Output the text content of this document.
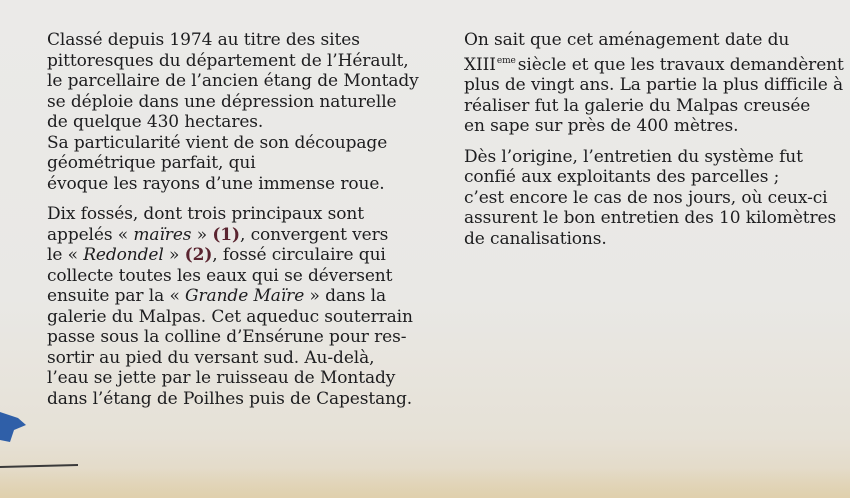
Classé depuis 1974 au titre des sites
pittoresques du département de l’Hérault,
le parcellaire de l’ancien étang de Montady
se déploie dans une dépression naturelle
de quelque 430 hectares.
Sa particularité vient de son découpage
géométrique parfait, qui
évoque les rayons d’une immense roue.
Dix fossés, dont trois principaux sont
appelés « maïres » (1), convergent vers
le « Redondel » (2), fossé circulaire qui
collecte toutes les eaux qui se déversent
ensuite par la « Grande Maïre » dans la
galerie du Malpas. Cet aqueduc souterrain
passe sous la colline d’Ensérune pour res-
sortir au pied du versant sud. Au-delà,
l’eau se jette par le ruisseau de Montady
dans l’étang de Poilhes puis de Capestang.
On sait que cet aménagement date du
XIIIeme siècle et que les travaux demandèrent
plus de vingt ans. La partie la plus difficile à
réaliser fut la galerie du Malpas creusée
en sape sur près de 400 mètres.
Dès l’origine, l’entretien du système fut
confié aux exploitants des parcelles ;
c’est encore le cas de nos jours, où ceux-ci
assurent le bon entretien des 10 kilomètres
de canalisations.
